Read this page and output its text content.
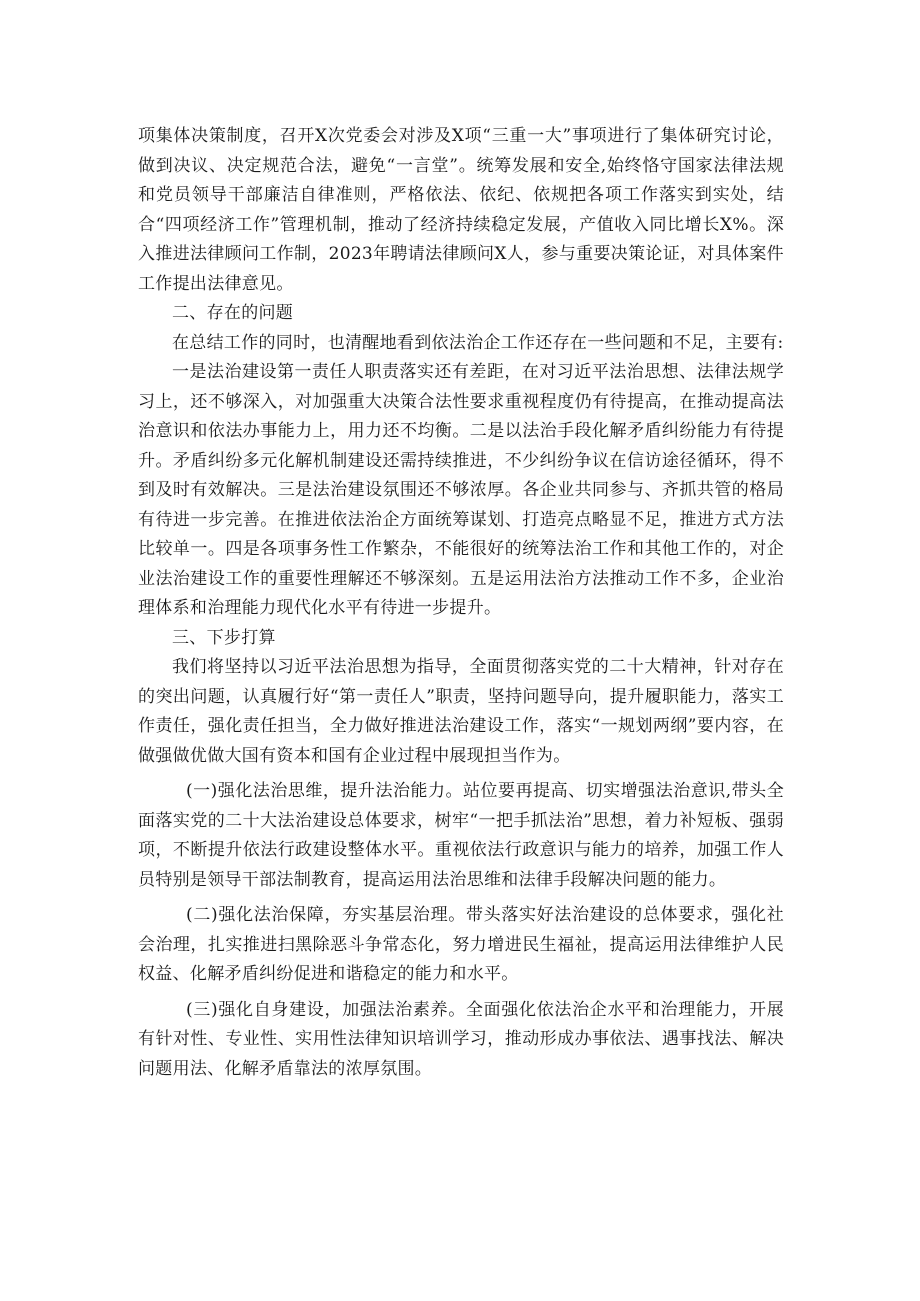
项集体决策制度，召开X次党委会对涉及X项“三重一大”事项进行了集体研究讨论，做到决议、决定规范合法，避免“一言堂”。统筹发展和安全,始终恪守国家法律法规和党员领导干部廉洁自律准则，严格依法、依纪、依规把各项工作落实到实处，结合“四项经济工作”管理机制，推动了经济持续稳定发展，产值收入同比增长X%。深入推进法律顾问工作制，2023年聘请法律顾问X人，参与重要决策论证，对具体案件工作提出法律意见。

二、存在的问题

在总结工作的同时，也清醒地看到依法治企工作还存在一些问题和不足，主要有:

一是法治建设第一责任人职责落实还有差距，在对习近平法治思想、法律法规学习上，还不够深入，对加强重大决策合法性要求重视程度仍有待提高，在推动提高法治意识和依法办事能力上，用力还不均衡。二是以法治手段化解矛盾纠纷能力有待提升。矛盾纠纷多元化解机制建设还需持续推进，不少纠纷争议在信访途径循环，得不到及时有效解决。三是法治建设氛围还不够浓厚。各企业共同参与、齐抓共管的格局有待进一步完善。在推进依法治企方面统筹谋划、打造亮点略显不足，推进方式方法比较单一。四是各项事务性工作繁杂，不能很好的统筹法治工作和其他工作的，对企业法治建设工作的重要性理解还不够深刻。五是运用法治方法推动工作不多，企业治理体系和治理能力现代化水平有待进一步提升。

三、下步打算

我们将坚持以习近平法治思想为指导，全面贯彻落实党的二十大精神，针对存在的突出问题，认真履行好“第一责任人”职责，坚持问题导向，提升履职能力，落实工作责任，强化责任担当，全力做好推进法治建设工作，落实“一规划两纲”要内容，在做强做优做大国有资本和国有企业过程中展现担当作为。

(一)强化法治思维，提升法治能力。站位要再提高、切实增强法治意识,带头全面落实党的二十大法治建设总体要求，树牢“一把手抓法治”思想，着力补短板、强弱项，不断提升依法行政建设整体水平。重视依法行政意识与能力的培养，加强工作人员特别是领导干部法制教育，提高运用法治思维和法律手段解决问题的能力。

(二)强化法治保障，夯实基层治理。带头落实好法治建设的总体要求，强化社会治理，扎实推进扫黑除恶斗争常态化，努力增进民生福祉，提高运用法律维护人民权益、化解矛盾纠纷促进和谐稳定的能力和水平。

(三)强化自身建设，加强法治素养。全面强化依法治企水平和治理能力，开展有针对性、专业性、实用性法律知识培训学习，推动形成办事依法、遇事找法、解决问题用法、化解矛盾靠法的浓厚氛围。
